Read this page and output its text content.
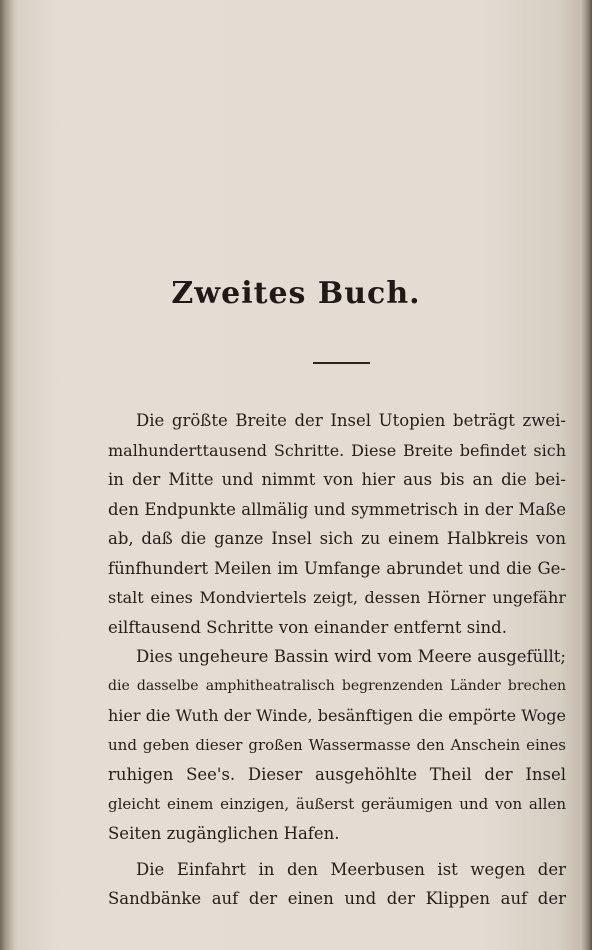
Zweites Buch.
Die größte Breite der Insel Utopien beträgt zwei-
malhunderttausend Schritte. Diese Breite befindet sich
in der Mitte und nimmt von hier aus bis an die bei-
den Endpunkte allmälig und symmetrisch in der Maße
ab, daß die ganze Insel sich zu einem Halbkreis von
fünfhundert Meilen im Umfange abrundet und die Ge-
stalt eines Mondviertels zeigt, dessen Hörner ungefähr
eilftausend Schritte von einander entfernt sind.
Dies ungeheure Bassin wird vom Meere ausgefüllt;
die dasselbe amphitheatralisch begrenzenden Länder brechen
hier die Wuth der Winde, besänftigen die empörte Woge
und geben dieser großen Wassermasse den Anschein eines
ruhigen See's. Dieser ausgehöhlte Theil der Insel
gleicht einem einzigen, äußerst geräumigen und von allen
Seiten zugänglichen Hafen.
Die Einfahrt in den Meerbusen ist wegen der
Sandbänke auf der einen und der Klippen auf der
